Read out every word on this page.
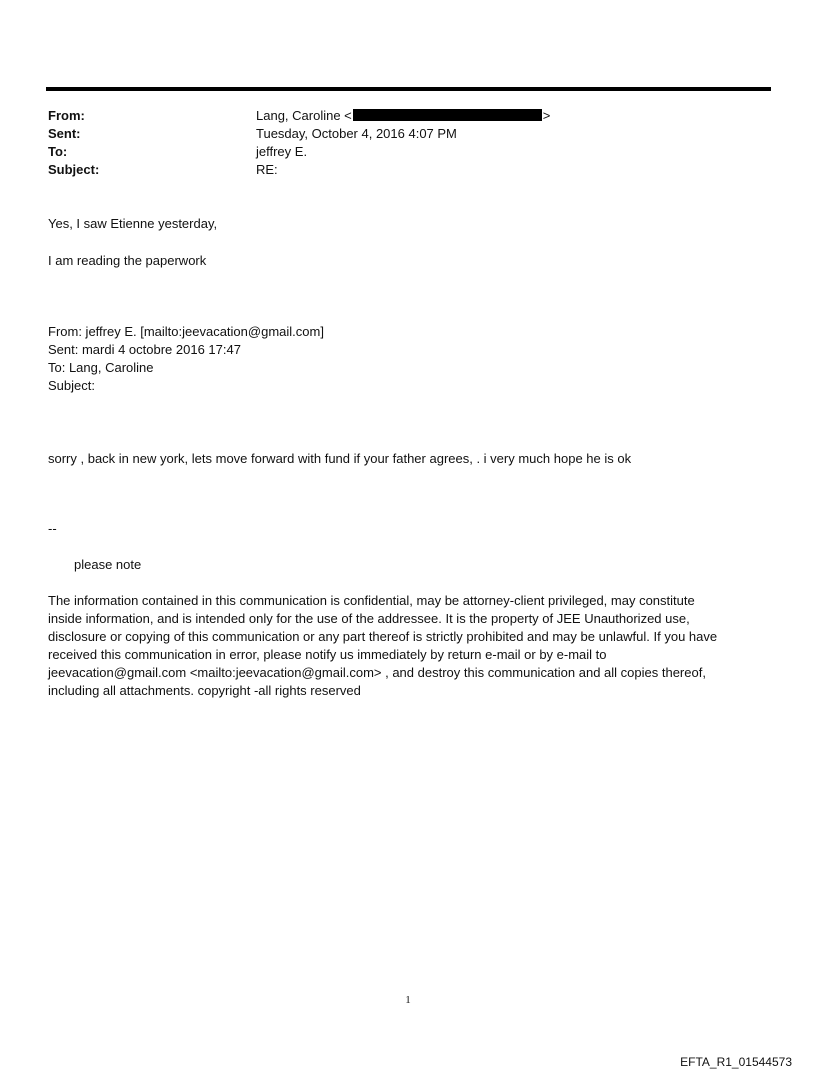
From:	Lang, Caroline <	>
Sent:	Tuesday, October 4, 2016 4:07 PM
To:	jeffrey E.
Subject:	RE:
Yes, I saw Etienne yesterday,
I am reading the paperwork
From: jeffrey E. [mailto:jeevacation@gmail.com]
Sent: mardi 4 octobre 2016 17:47
To: Lang, Caroline
Subject:
sorry , back in new york, lets move forward with fund if your father agrees, . i very much hope he is ok
--
please note

The information contained in this communication is confidential, may be attorney-client privileged, may constitute

inside information, and is intended only for the use of the addressee. It is the property of JEE Unauthorized use,

disclosure or copying of this communication or any part thereof is strictly prohibited and may be unlawful. If you have

received this communication in error, please notify us immediately by return e-mail or by e-mail to

jeevacation@gmail.com <mailto:jeevacation@gmail.com> , and destroy this communication and all copies thereof,

including all attachments. copyright -all rights reserved

1
EFTA_R1_01544573
